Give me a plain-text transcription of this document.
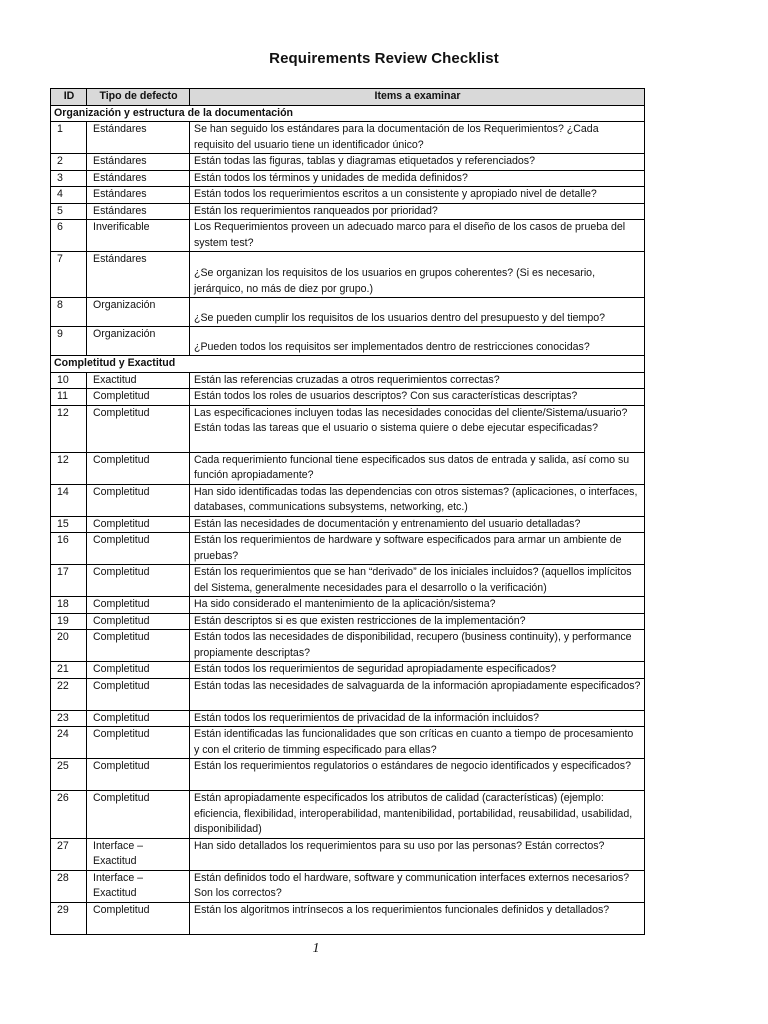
Requirements Review Checklist
ID	Tipo de defecto	Items a examinar
Organización y estructura de la documentación		
1	Estándares	Se han seguido los estándares para la documentación de los Requerimientos? ¿Cada requisito del usuario tiene un identificador único?
2	Estándares	Están todas las figuras, tablas y diagramas etiquetados y referenciados?
3	Estándares	Están todos los términos y unidades de medida definidos?
4	Estándares	Están todos los requerimientos escritos a un consistente y apropiado nivel de detalle?
5	Estándares	Están los requerimientos ranqueados por prioridad?
6	Inverificable	Los Requerimientos proveen un adecuado marco para el diseño de los casos de prueba del system test?
7	Estándares	¿Se organizan los requisitos de los usuarios en grupos coherentes? (Si es necesario, jerárquico, no más de diez por grupo.)
8	Organización	¿Se pueden cumplir los requisitos de los usuarios dentro del presupuesto y del tiempo?
9	Organización	¿Pueden todos los requisitos ser implementados dentro de restricciones conocidas?
Completitud y Exactitud		
10	Exactitud	Están las referencias cruzadas a otros requerimientos correctas?
11	Completitud	Están todos los roles de usuarios descriptos? Con sus características descriptas?
12	Completitud	Las especificaciones incluyen todas las necesidades conocidas del cliente/Sistema/usuario? Están todas las tareas que el usuario o sistema quiere o debe ejecutar especificadas?
12	Completitud	Cada requerimiento funcional tiene especificados sus datos de entrada y salida, así como su función apropiadamente?
14	Completitud	Han sido identificadas todas las dependencias con otros sistemas? (aplicaciones, o interfaces, databases, communications subsystems, networking, etc.)
15	Completitud	Están las necesidades de documentación y entrenamiento del usuario detalladas?
16	Completitud	Están los requerimientos de hardware y software especificados para armar un ambiente de pruebas?
17	Completitud	Están los requerimientos que se han “derivado” de los iniciales incluidos? (aquellos implícitos del Sistema, generalmente necesidades para el desarrollo o la verificación)
18	Completitud	Ha sido considerado el mantenimiento de la aplicación/sistema?
19	Completitud	Están descriptos si es que existen restricciones de la implementación?
20	Completitud	Están todos las necesidades de disponibilidad, recupero (business continuity), y performance propiamente descriptas?
21	Completitud	Están todos los requerimientos de seguridad apropiadamente especificados?
22	Completitud	Están todas las necesidades de salvaguarda de la información apropiadamente especificados?
23	Completitud	Están todos los requerimientos de privacidad de la información incluidos?
24	Completitud	Están identificadas las funcionalidades que son críticas en cuanto a tiempo de procesamiento y con el criterio de timming especificado para ellas?
25	Completitud	Están los requerimientos regulatorios o estándares de negocio identificados y especificados?
26	Completitud	Están apropiadamente especificados los atributos de calidad (características) (ejemplo: eficiencia, flexibilidad, interoperabilidad, mantenibilidad, portabilidad, reusabilidad, usabilidad, disponibilidad)
27	Interface – Exactitud	Han sido detallados los requerimientos para su uso por las personas? Están correctos?
28	Interface – Exactitud	Están definidos todo el hardware, software y communication interfaces externos necesarios? Son los correctos?
29	Completitud	Están los algoritmos intrínsecos a los requerimientos funcionales definidos y detallados?
1
